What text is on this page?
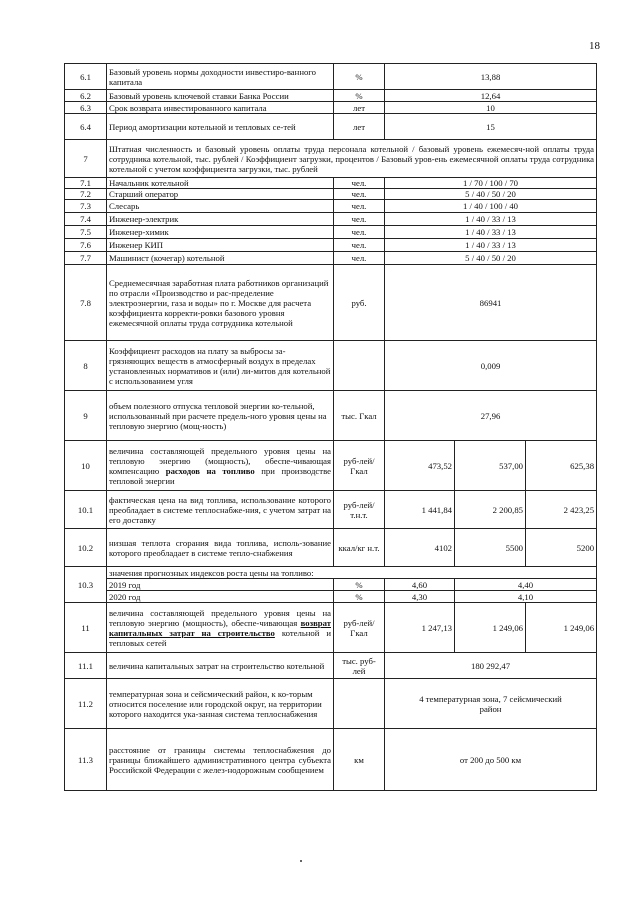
18
6.1	Базовый уровень нормы доходности инвестиро-ванного капитала	%	13,88		
6.2	Базовый уровень ключевой ставки Банка России	%	12,64		
6.3	Срок возврата инвестированного капитала	лет	10		
6.4	Период амортизации котельной и тепловых се-тей	лет	15		
7	Штатная численность и базовый уровень оплаты труда персонала котельной / базовый уровень ежемесяч-ной оплаты труда сотрудника котельной, тыс. рублей / Коэффициент загрузки, процентов / Базовый уров-ень ежемесячной оплаты труда сотрудника котельной с учетом коэффициента загрузки, тыс. рублей				
7.1	Начальник котельной	чел.	1 / 70 / 100 / 70		
7.2	Старший оператор	чел.	5 / 40 / 50 / 20		
7.3	Слесарь	чел.	1 / 40 / 100 / 40		
7.4	Инженер-электрик	чел.	1 / 40 / 33 / 13		
7.5	Инженер-химик	чел.	1 / 40 / 33 / 13		
7.6	Инженер КИП	чел.	1 / 40 / 33 / 13		
7.7	Машинист (кочегар) котельной	чел.	5 / 40 / 50 / 20		
7.8	Среднемесячная заработная плата работников организаций по отрасли «Производство и рас-пределение электроэнергии, газа и воды» по г. Москве для расчета коэффициента корректи-ровки базового уровня ежемесячной оплаты труда сотрудника котельной	руб.	86941		
8	Коэффициент расходов на плату за выбросы за-грязняющих веществ в атмосферный воздух в пределах установленных нормативов и (или) ли-митов для котельной с использованием угля		0,009		
9	объем полезного отпуска тепловой энергии ко-тельной, использованный при расчете предель-ного уровня цены на тепловую энергию (мощ-ность)	тыс. Гкал	27,96		
10	величина составляющей предельного уровня цены на тепловую энергию (мощность), обеспе-чивающая компенсацию расходов на топливо при производстве тепловой энергии	руб-лей/Гкал	473,52	537,00	625,38
10.1	фактическая цена на вид топлива, использование которого преобладает в системе теплоснабже-ния, с учетом затрат на его доставку	руб-лей/т.н.т.	1 441,84	2 200,85	2 423,25
10.2	низшая теплота сгорания вида топлива, исполь-зование которого преобладает в системе тепло-снабжения	ккал/кг н.т.	4102	5500	5200
10.3	значения прогнозных индексов роста цены на топливо:				
	2019 год	%	4,60	4,40	
	2020 год	%	4,30	4,10	
11	величина составляющей предельного уровня цены на тепловую энергию (мощность), обеспе-чивающая возврат капитальных затрат на строительство котельной и тепловых сетей	руб-лей/Гкал	1 247,13	1 249,06	1 249,06
11.1	величина капитальных затрат на строительство котельной	тыс. руб-лей	180 292,47		
11.2	температурная зона и сейсмический район, к ко-торым относится поселение или городской округ, на территории которого находится ука-занная система теплоснабжения		4 температурная зона, 7 сейсмический район		
11.3	расстояние от границы системы теплоснабжения до границы ближайшего административного центра субъекта Российской Федерации с желез-нодорожным сообщением	км	от 200 до 500 км		
